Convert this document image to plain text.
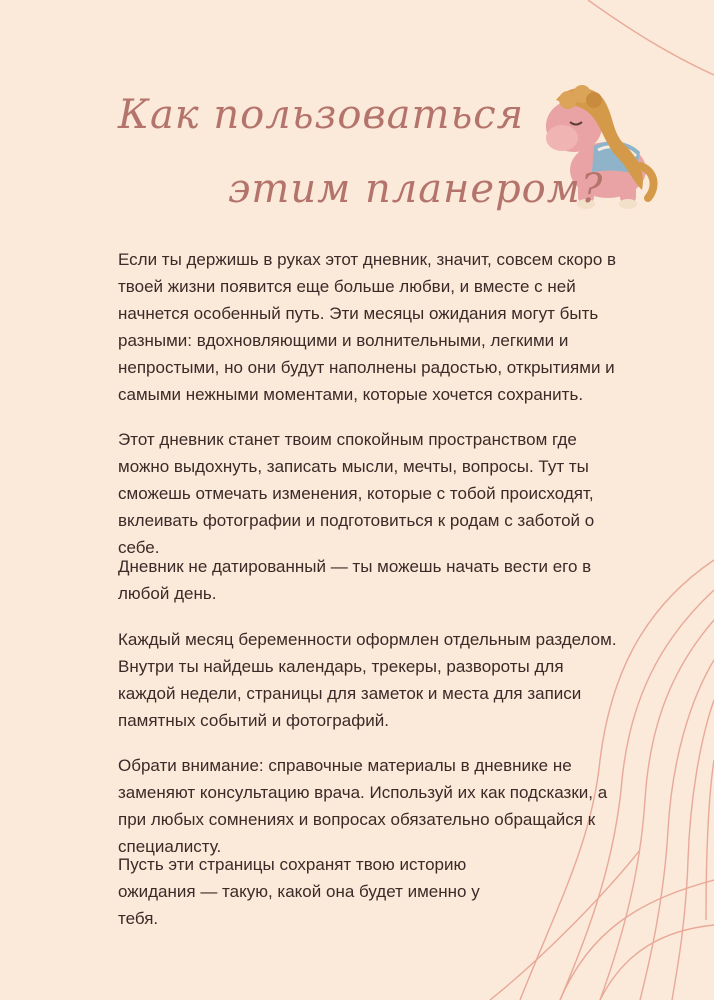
Как пользоваться
этим планером?

Если ты держишь в руках этот дневник, значит, совсем скоро в твоей жизни появится еще больше любви, и вместе с ней начнется особенный путь. Эти месяцы ожидания могут быть разными: вдохновляющими и волнительными, легкими и непростыми, но они будут наполнены радостью, открытиями и самыми нежными моментами, которые хочется сохранить.

Этот дневник станет твоим спокойным пространством где можно выдохнуть, записать мысли, мечты, вопросы. Тут ты сможешь отмечать изменения, которые с тобой происходят, вклеивать фотографии и подготовиться к родам с заботой о себе.

Дневник не датированный — ты можешь начать вести его в любой день.

Каждый месяц беременности оформлен отдельным разделом. Внутри ты найдешь календарь, трекеры, развороты для каждой недели, страницы для заметок и места для записи памятных событий и фотографий.

Обрати внимание: справочные материалы в дневнике не заменяют консультацию врача. Используй их как подсказки, а при любых сомнениях и вопросах обязательно обращайся к специалисту.

Пусть эти страницы сохранят твою историю ожидания — такую, какой она будет именно у тебя.
